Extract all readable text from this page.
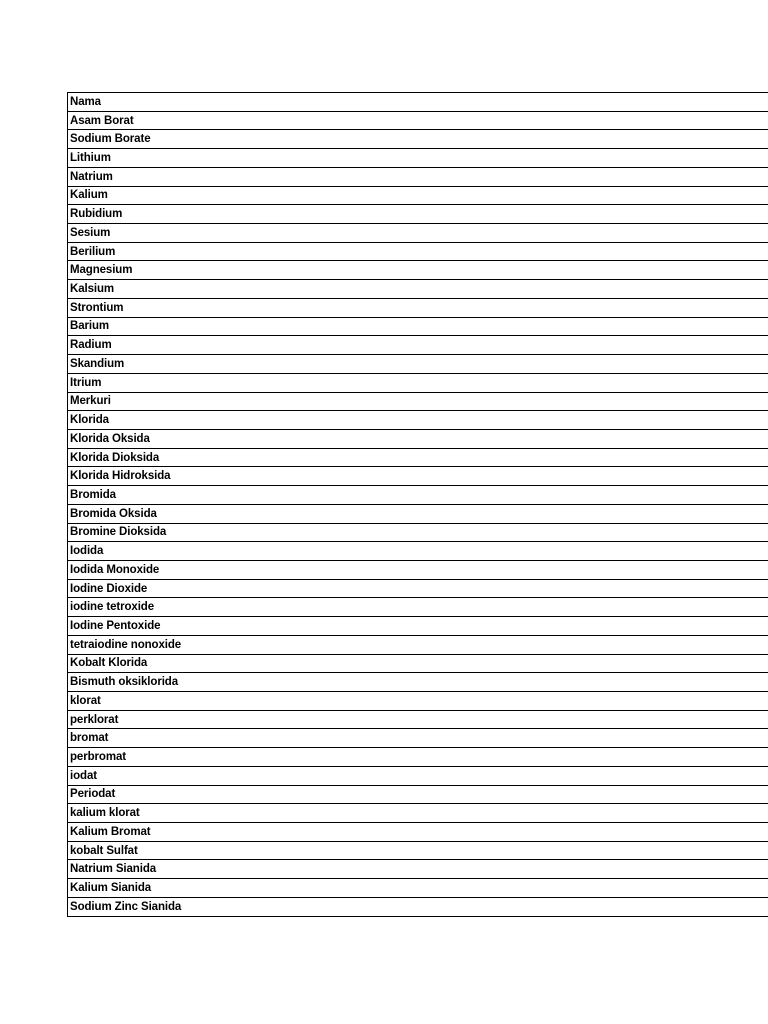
Nama
Asam Borat
Sodium Borate
Lithium
Natrium
Kalium
Rubidium
Sesium
Berilium
Magnesium
Kalsium
Strontium
Barium
Radium
Skandium
Itrium
Merkuri
Klorida
Klorida Oksida
Klorida Dioksida
Klorida Hidroksida
Bromida
Bromida Oksida
Bromine Dioksida
Iodida
Iodida Monoxide
Iodine Dioxide
iodine tetroxide
Iodine Pentoxide
tetraiodine nonoxide
Kobalt Klorida
Bismuth oksiklorida
klorat
perklorat
bromat
perbromat
iodat
Periodat
kalium klorat
Kalium Bromat
kobalt Sulfat
Natrium Sianida
Kalium Sianida
Sodium Zinc Sianida
